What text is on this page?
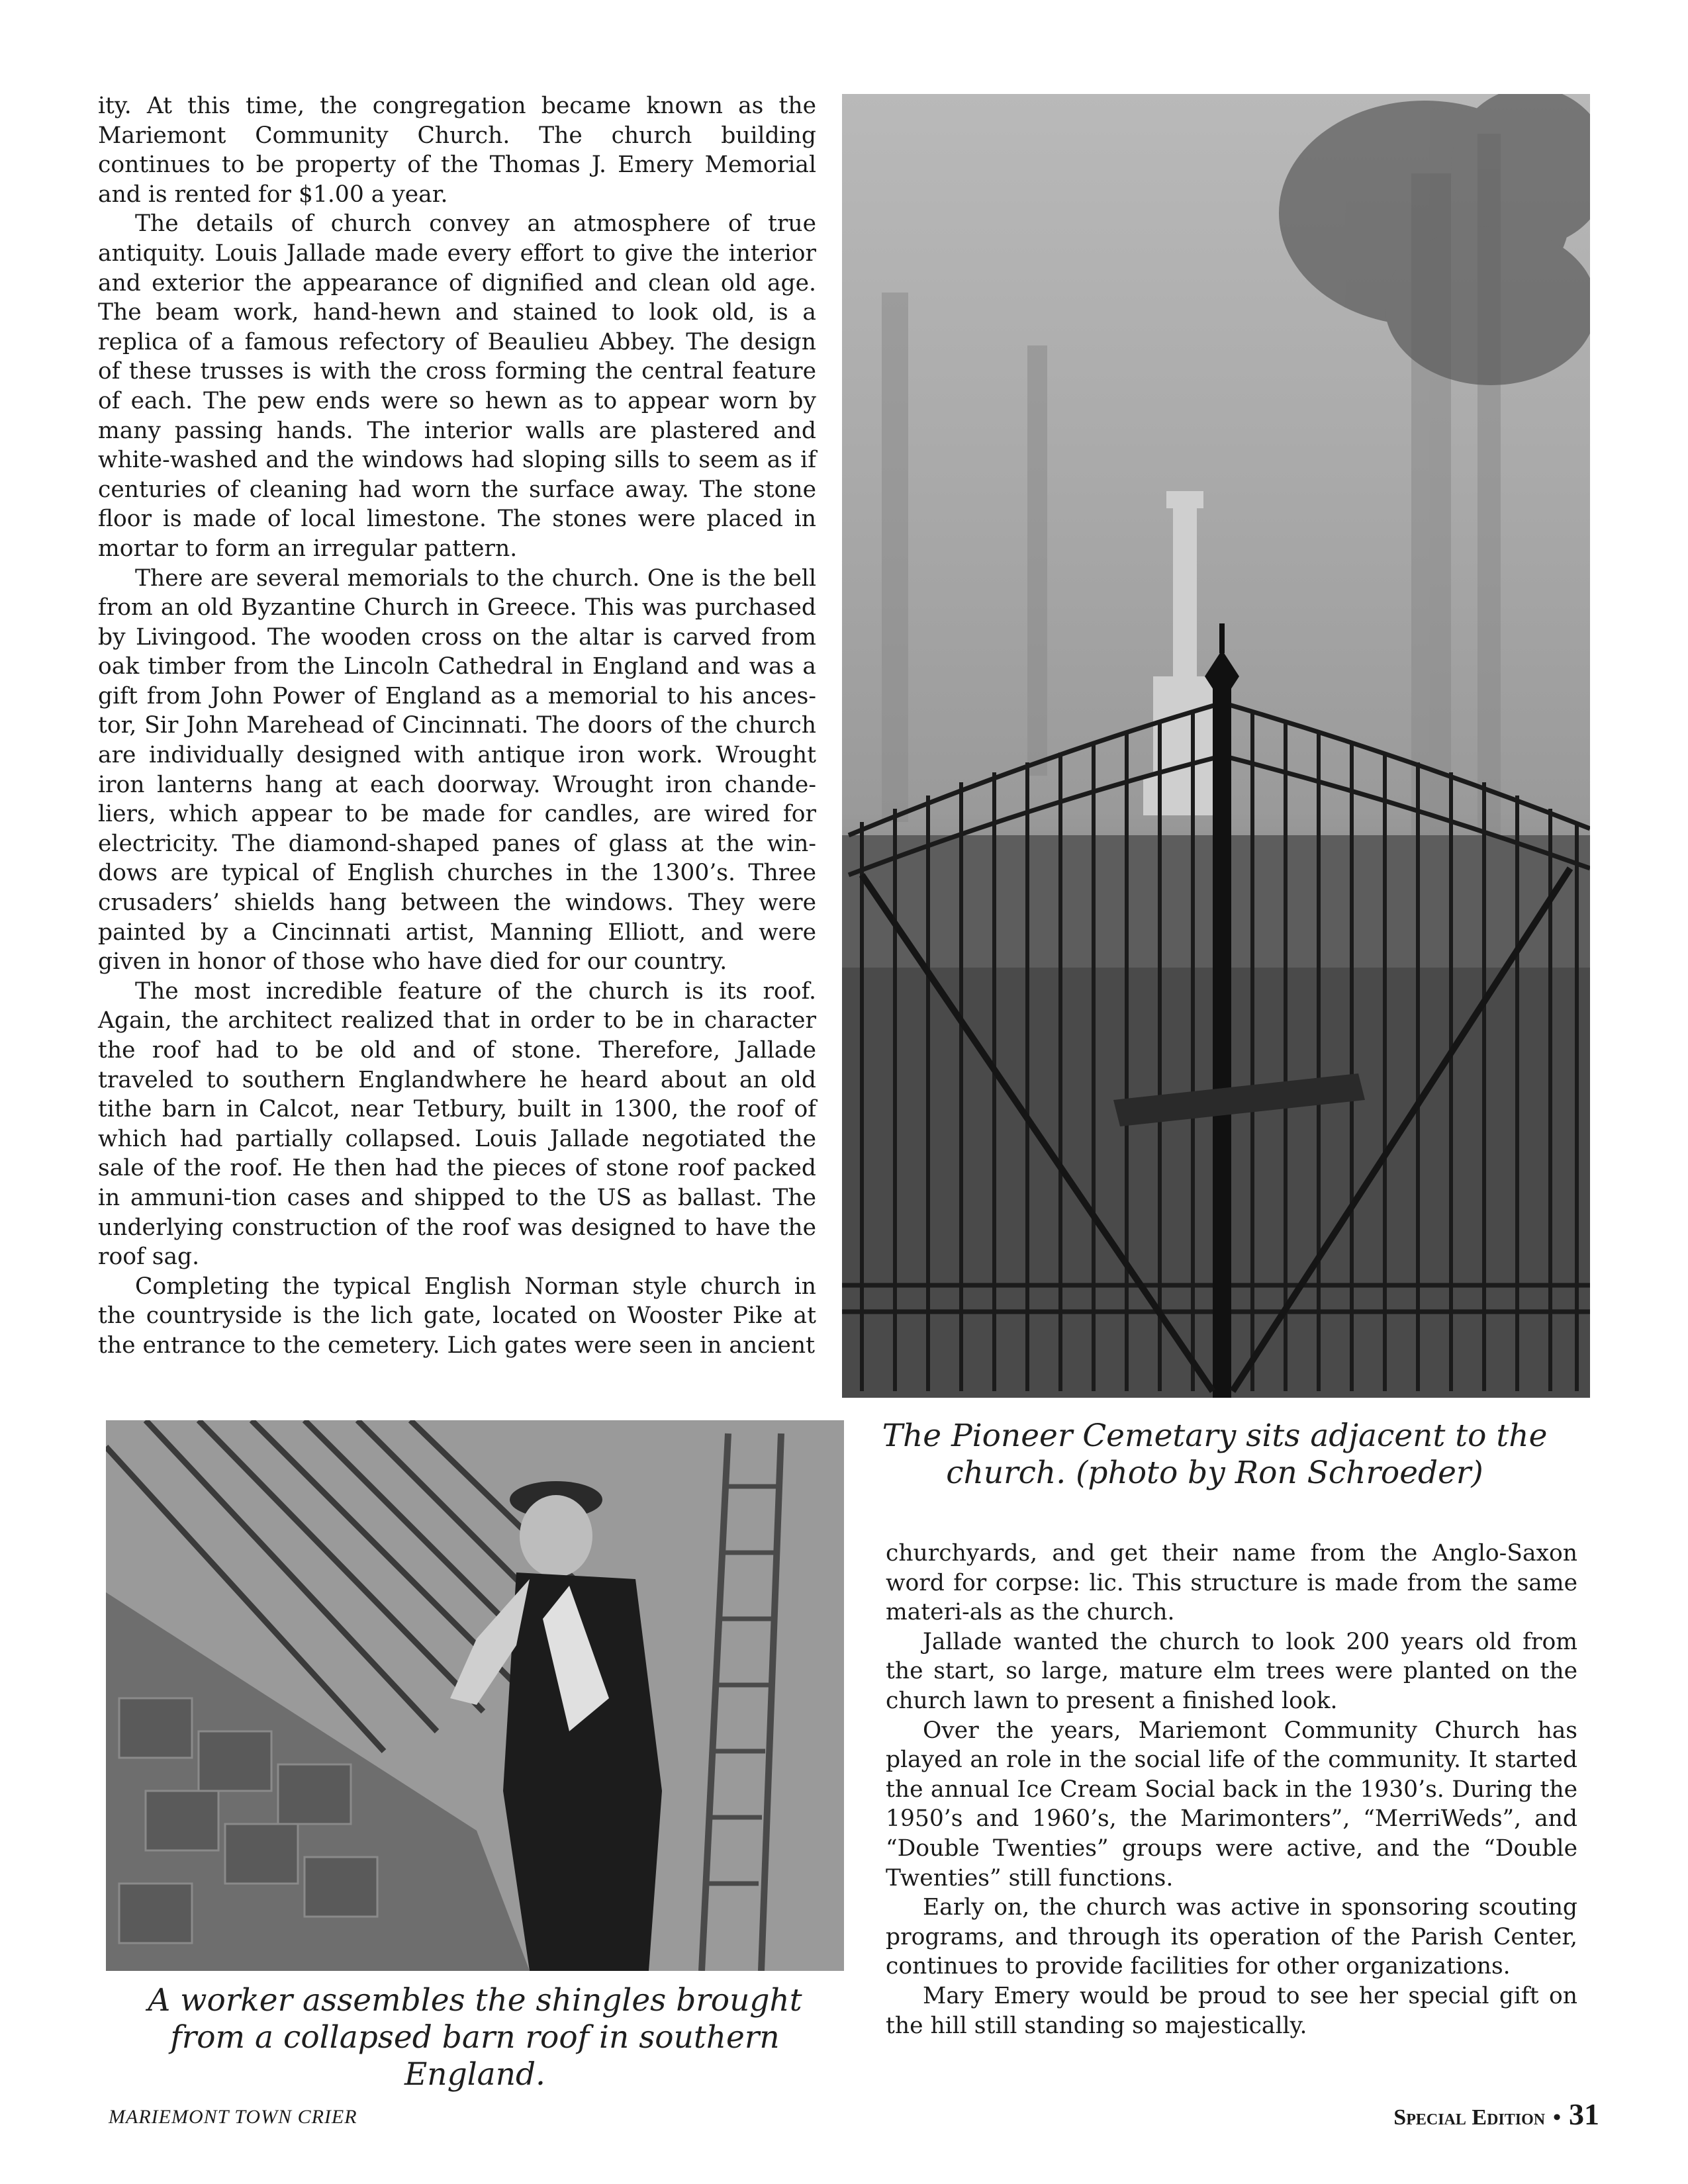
ity. At this time, the congregation became known as the Mariemont Community Church. The church building continues to be property of the Thomas J. Emery Memorial and is rented for $1.00 a year.

The details of church convey an atmosphere of true antiquity. Louis Jallade made every effort to give the interior and exterior the appearance of dignified and clean old age. The beam work, hand-hewn and stained to look old, is a replica of a famous refectory of Beaulieu Abbey. The design of these trusses is with the cross forming the central feature of each. The pew ends were so hewn as to appear worn by many passing hands. The interior walls are plastered and white-washed and the windows had sloping sills to seem as if centuries of cleaning had worn the surface away. The stone floor is made of local limestone. The stones were placed in mortar to form an irregular pattern.

There are several memorials to the church. One is the bell from an old Byzantine Church in Greece. This was purchased by Livingood. The wooden cross on the altar is carved from oak timber from the Lincoln Cathedral in England and was a gift from John Power of England as a memorial to his ances-tor, Sir John Marehead of Cincinnati. The doors of the church are individually designed with antique iron work. Wrought iron lanterns hang at each doorway. Wrought iron chande-liers, which appear to be made for candles, are wired for electricity. The diamond-shaped panes of glass at the win-dows are typical of English churches in the 1300’s. Three crusaders’ shields hang between the windows. They were painted by a Cincinnati artist, Manning Elliott, and were given in honor of those who have died for our country.

The most incredible feature of the church is its roof. Again, the architect realized that in order to be in character the roof had to be old and of stone. Therefore, Jallade traveled to southern Englandwhere he heard about an old tithe barn in Calcot, near Tetbury, built in 1300, the roof of which had partially collapsed. Louis Jallade negotiated the sale of the roof. He then had the pieces of stone roof packed in ammuni-tion cases and shipped to the US as ballast. The underlying construction of the roof was designed to have the roof sag.

Completing the typical English Norman style church in the countryside is the lich gate, located on Wooster Pike at the entrance to the cemetery. Lich gates were seen in ancient

The Pioneer Cemetary sits adjacent to the church. (photo by Ron Schroeder)
A worker assembles the shingles brought from a collapsed barn roof in southern England.

churchyards, and get their name from the Anglo-Saxon word for corpse: lic. This structure is made from the same materi-als as the church.

Jallade wanted the church to look 200 years old from the start, so large, mature elm trees were planted on the church lawn to present a finished look.

Over the years, Mariemont Community Church has played an role in the social life of the community. It started the annual Ice Cream Social back in the 1930’s. During the 1950’s and 1960’s, the Marimonters”, “MerriWeds”, and “Double Twenties” groups were active, and the “Double Twenties” still functions.

Early on, the church was active in sponsoring scouting programs, and through its operation of the Parish Center, continues to provide facilities for other organizations.

Mary Emery would be proud to see her special gift on the hill still standing so majestically.

MARIEMONT TOWN CRIER	Special Edition • 31
